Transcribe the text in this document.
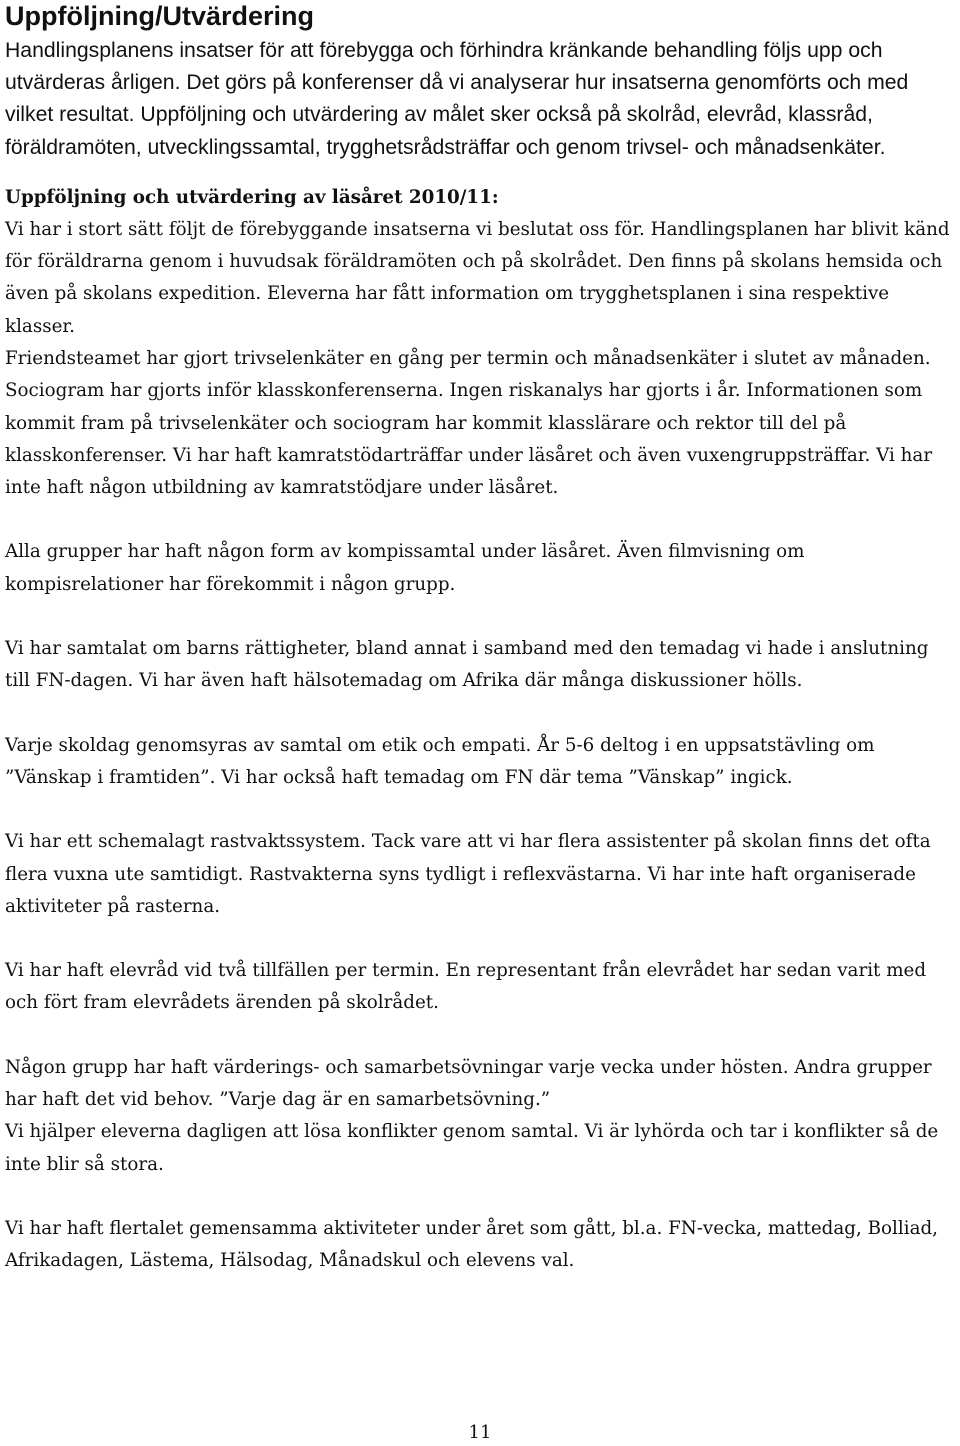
Uppföljning/Utvärdering

Handlingsplanens insatser för att förebygga och förhindra kränkande behandling följs upp och utvärderas årligen. Det görs på konferenser då vi analyserar hur insatserna genomförts och med vilket resultat. Uppföljning och utvärdering av målet sker också på skolråd, elevråd, klassråd, föräldramöten, utvecklingssamtal, trygghetsrådsträffar och genom trivsel- och månadsenkäter.

Uppföljning och utvärdering av läsåret 2010/11:

Vi har i stort sätt följt de förebyggande insatserna vi beslutat oss för. Handlingsplanen har blivit känd för föräldrarna genom i huvudsak föräldramöten och på skolrådet. Den finns på skolans hemsida och även på skolans expedition. Eleverna har fått information om trygghetsplanen i sina respektive klasser.

Friendsteamet har gjort trivselenkäter en gång per termin och månadsenkäter i slutet av månaden. Sociogram har gjorts inför klasskonferenserna. Ingen riskanalys har gjorts i år. Informationen som kommit fram på trivselenkäter och sociogram har kommit klasslärare och rektor till del på klasskonferenser. Vi har haft kamratstödarträffar under läsåret och även vuxengruppsträffar. Vi har inte haft någon utbildning av kamratstödjare under läsåret.

Alla grupper har haft någon form av kompissamtal under läsåret. Även filmvisning om kompisrelationer har förekommit i någon grupp.

Vi har samtalat om barns rättigheter, bland annat i samband med den temadag vi hade i anslutning till FN-dagen. Vi har även haft hälsotemadag om Afrika där många diskussioner hölls.

Varje skoldag genomsyras av samtal om etik och empati. År 5-6 deltog i en uppsatstävling om ”Vänskap i framtiden”. Vi har också haft temadag om FN där tema ”Vänskap” ingick.

Vi har ett schemalagt rastvaktssystem. Tack vare att vi har flera assistenter på skolan finns det ofta flera vuxna ute samtidigt. Rastvakterna syns tydligt i reflexvästarna. Vi har inte haft organiserade aktiviteter på rasterna.

Vi har haft elevråd vid två tillfällen per termin. En representant från elevrådet har sedan varit med och fört fram elevrådets ärenden på skolrådet.

Någon grupp har haft värderings- och samarbetsövningar varje vecka under hösten. Andra grupper har haft det vid behov. ”Varje dag är en samarbetsövning.”

Vi hjälper eleverna dagligen att lösa konflikter genom samtal. Vi är lyhörda och tar i konflikter så de inte blir så stora.

Vi har haft flertalet gemensamma aktiviteter under året som gått, bl.a. FN-vecka, mattedag, Bolliad, Afrikadagen, Lästema, Hälsodag, Månadskul och elevens val.

11
